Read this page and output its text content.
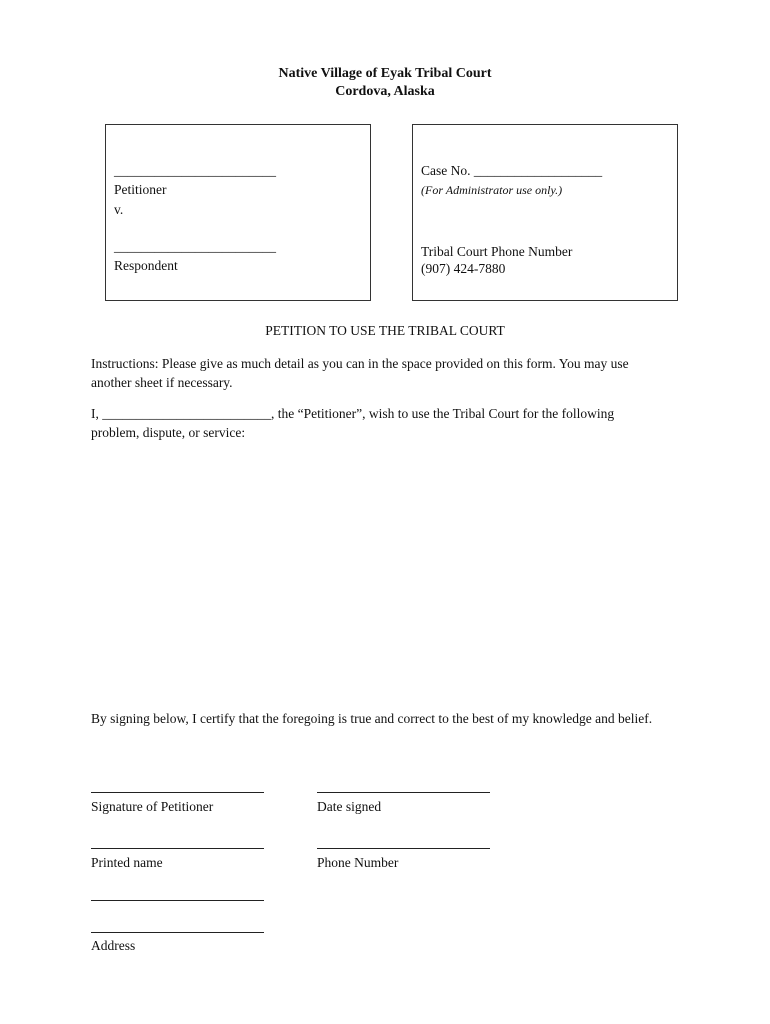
Native Village of Eyak Tribal Court
Cordova, Alaska
________________________
Petitioner
v.
________________________
Respondent
Case No. ___________________
(For Administrator use only.)
Tribal Court Phone Number
(907) 424-7880
PETITION TO USE THE TRIBAL COURT
Instructions: Please give as much detail as you can in the space provided on this form. You may use
another sheet if necessary.
I, _________________________, the “Petitioner”, wish to use the Tribal Court for the following
problem, dispute, or service:
By signing below, I certify that the foregoing is true and correct to the best of my knowledge and belief.
Signature of Petitioner	Date signed
Printed name	Phone Number
Address
